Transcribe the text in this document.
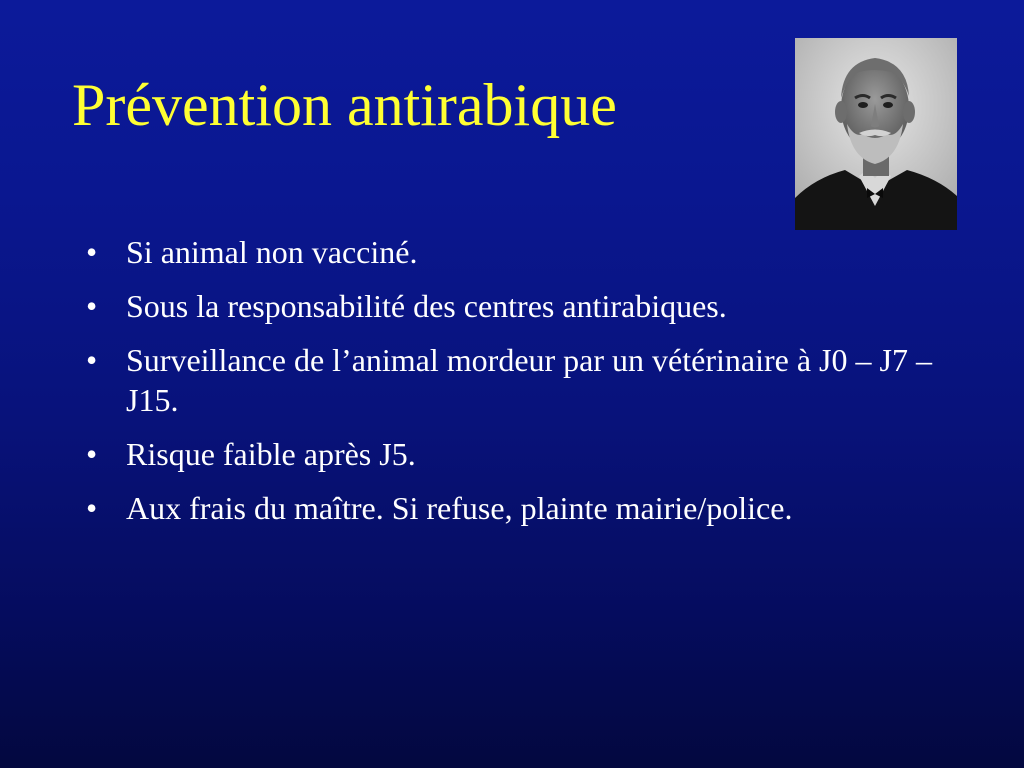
Prévention antirabique
• Si animal non vacciné.
• Sous la responsabilité des centres antirabiques.
• Surveillance de l’animal mordeur par un vétérinaire à J0 – J7 – J15.
• Risque faible après J5.
• Aux frais du maître. Si refuse, plainte mairie/police.
